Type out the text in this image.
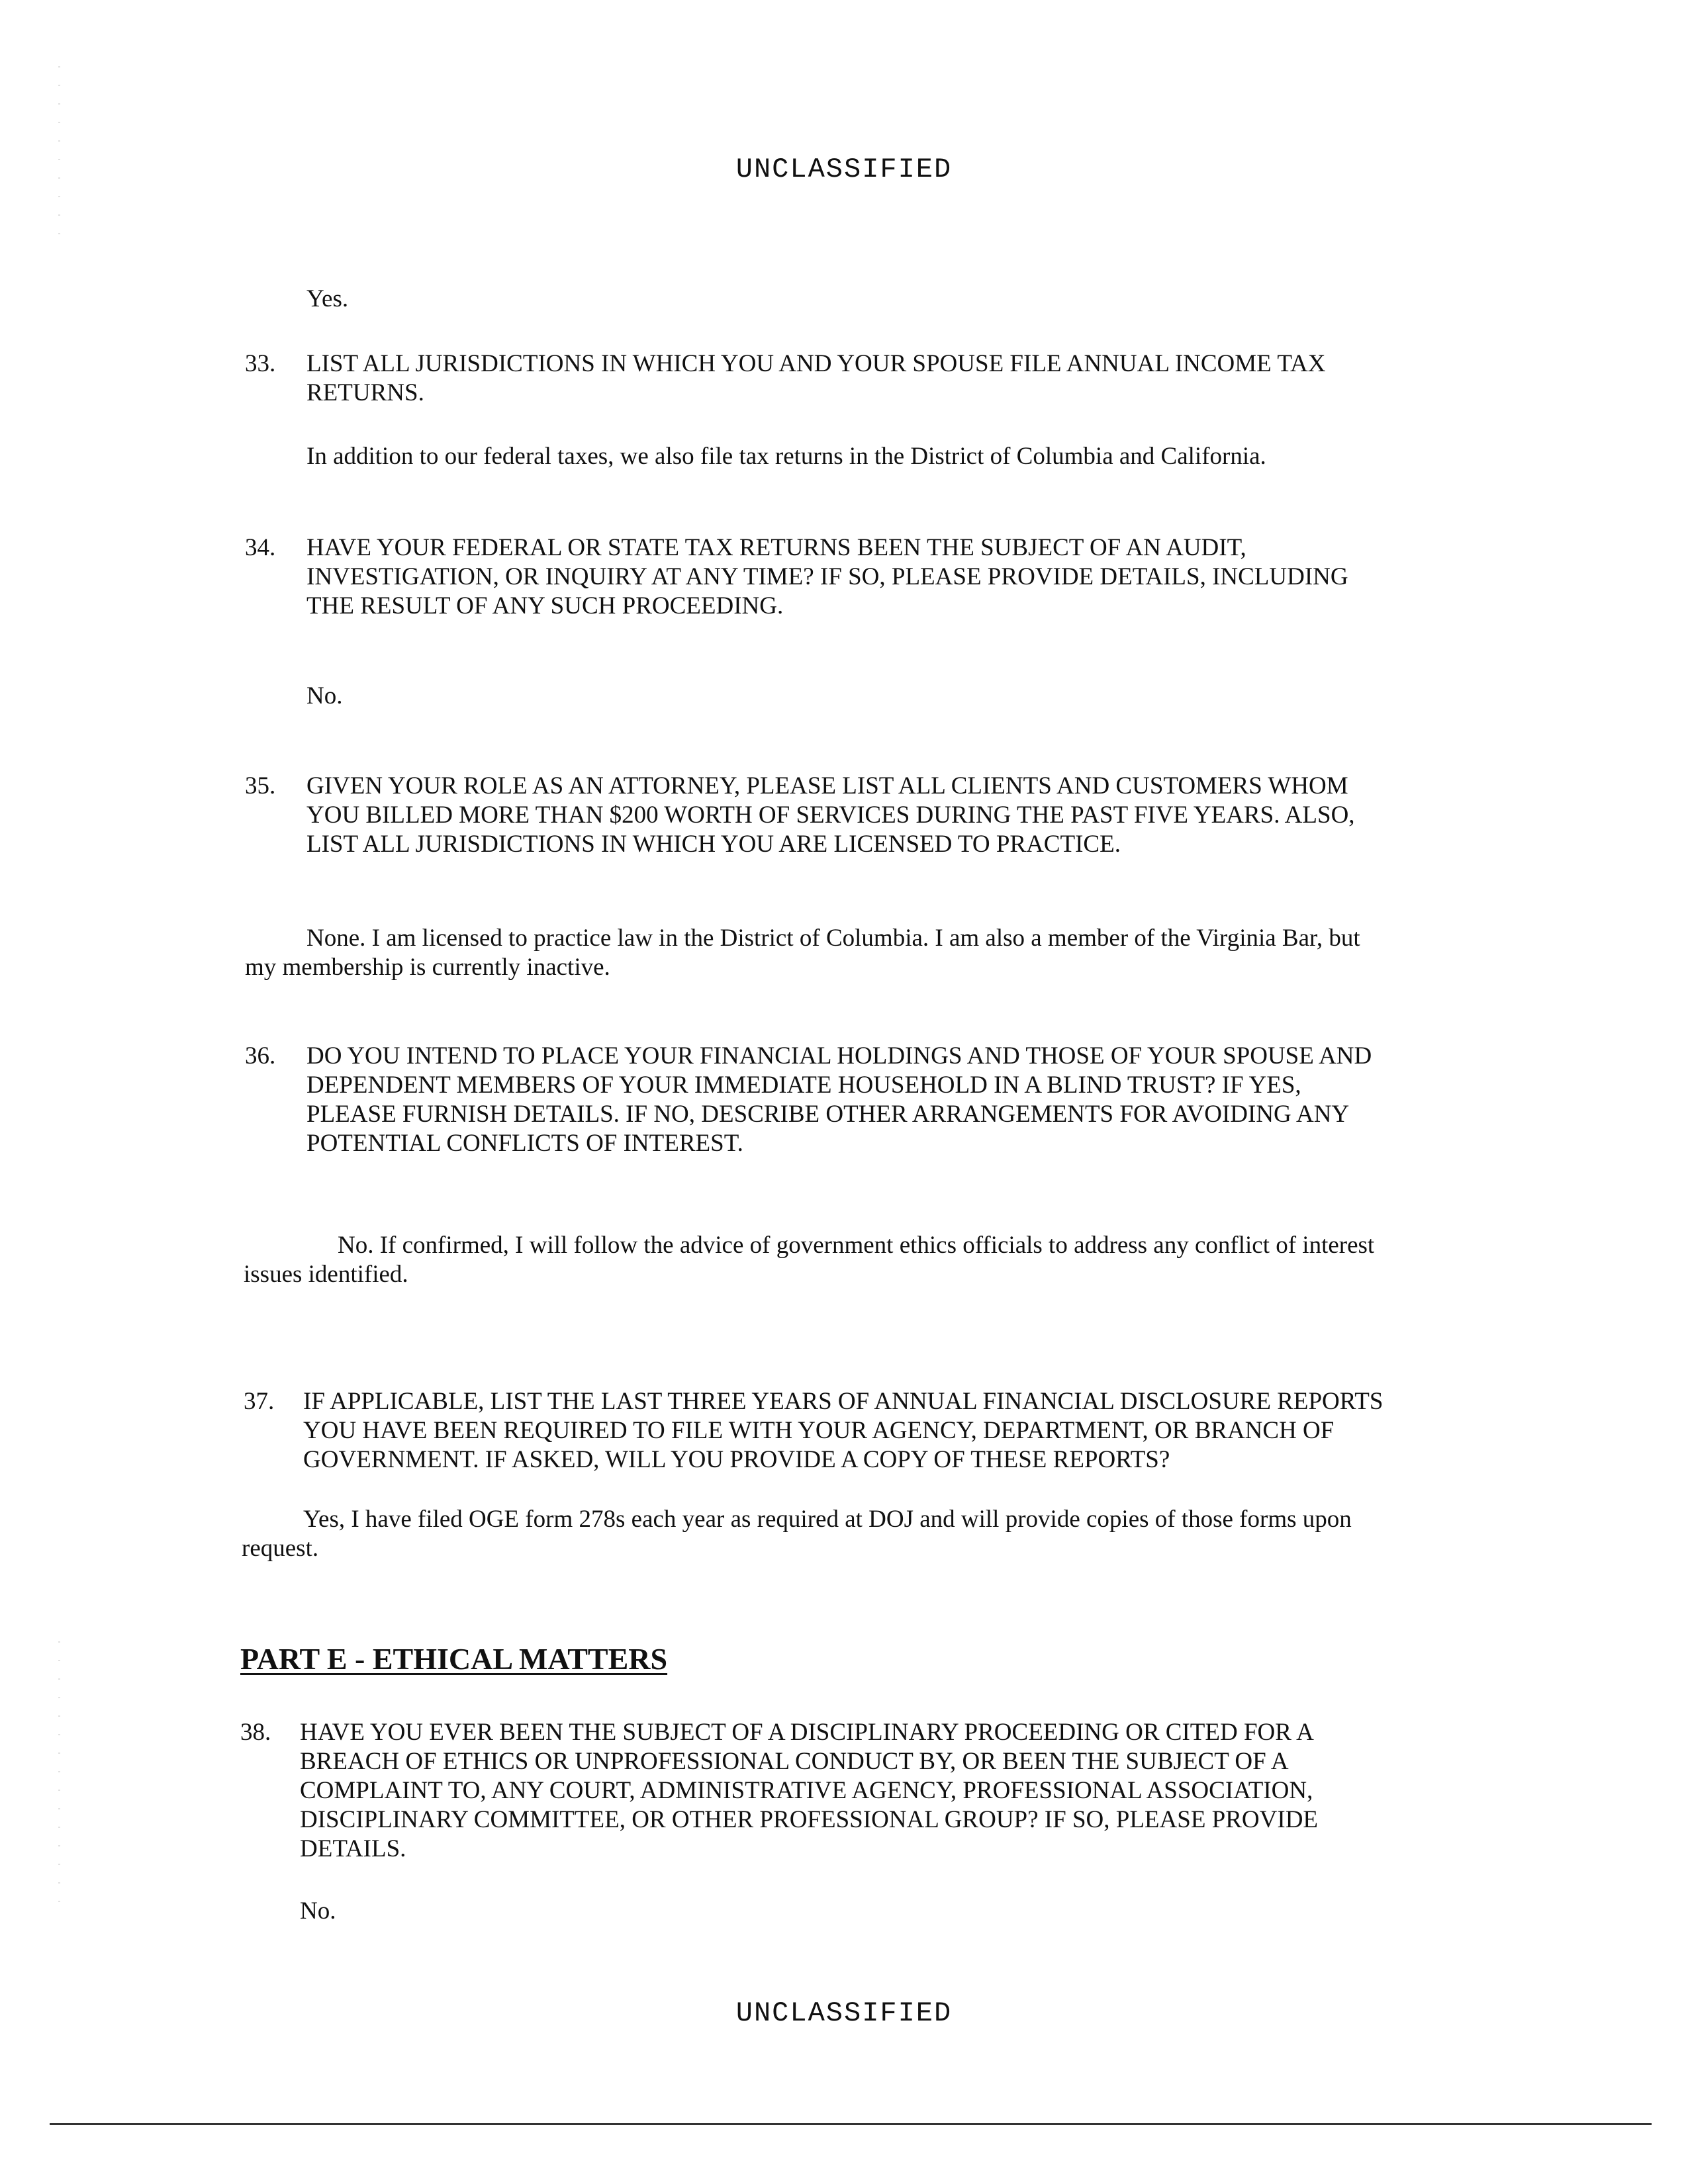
UNCLASSIFIED
Yes.
33. LIST ALL JURISDICTIONS IN WHICH YOU AND YOUR SPOUSE FILE ANNUAL INCOME TAX
RETURNS.
In addition to our federal taxes, we also file tax returns in the District of Columbia and California.
34. HAVE YOUR FEDERAL OR STATE TAX RETURNS BEEN THE SUBJECT OF AN AUDIT,
INVESTIGATION, OR INQUIRY AT ANY TIME? IF SO, PLEASE PROVIDE DETAILS, INCLUDING
THE RESULT OF ANY SUCH PROCEEDING.
No.
35. GIVEN YOUR ROLE AS AN ATTORNEY, PLEASE LIST ALL CLIENTS AND CUSTOMERS WHOM
YOU BILLED MORE THAN $200 WORTH OF SERVICES DURING THE PAST FIVE YEARS. ALSO,
LIST ALL JURISDICTIONS IN WHICH YOU ARE LICENSED TO PRACTICE.
None. I am licensed to practice law in the District of Columbia. I am also a member of the Virginia Bar, but
my membership is currently inactive.
36. DO YOU INTEND TO PLACE YOUR FINANCIAL HOLDINGS AND THOSE OF YOUR SPOUSE AND
DEPENDENT MEMBERS OF YOUR IMMEDIATE HOUSEHOLD IN A BLIND TRUST? IF YES,
PLEASE FURNISH DETAILS. IF NO, DESCRIBE OTHER ARRANGEMENTS FOR AVOIDING ANY
POTENTIAL CONFLICTS OF INTEREST.
No. If confirmed, I will follow the advice of government ethics officials to address any conflict of interest
issues identified.
37. IF APPLICABLE, LIST THE LAST THREE YEARS OF ANNUAL FINANCIAL DISCLOSURE REPORTS
YOU HAVE BEEN REQUIRED TO FILE WITH YOUR AGENCY, DEPARTMENT, OR BRANCH OF
GOVERNMENT. IF ASKED, WILL YOU PROVIDE A COPY OF THESE REPORTS?
Yes, I have filed OGE form 278s each year as required at DOJ and will provide copies of those forms upon
request.
PART E - ETHICAL MATTERS
38. HAVE YOU EVER BEEN THE SUBJECT OF A DISCIPLINARY PROCEEDING OR CITED FOR A
BREACH OF ETHICS OR UNPROFESSIONAL CONDUCT BY, OR BEEN THE SUBJECT OF A
COMPLAINT TO, ANY COURT, ADMINISTRATIVE AGENCY, PROFESSIONAL ASSOCIATION,
DISCIPLINARY COMMITTEE, OR OTHER PROFESSIONAL GROUP? IF SO, PLEASE PROVIDE
DETAILS.
No.
UNCLASSIFIED
